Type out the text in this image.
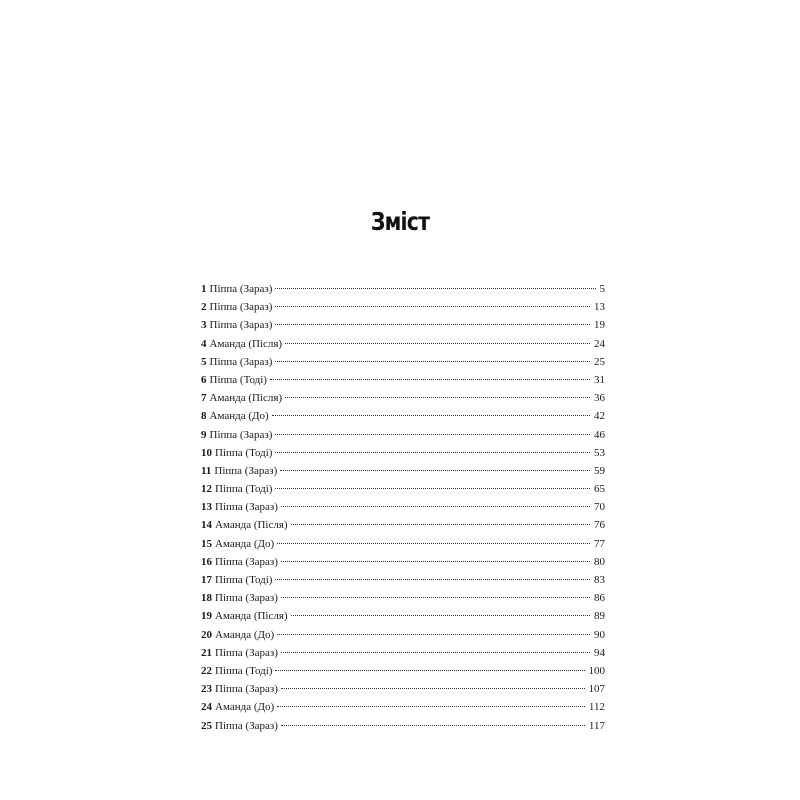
Зміст
1 Піппа (Зараз)	5
2 Піппа (Зараз)	13
3 Піппа (Зараз)	19
4 Аманда (Після)	24
5 Піппа (Зараз)	25
6 Піппа (Тоді)	31
7 Аманда (Після)	36
8 Аманда (До)	42
9 Піппа (Зараз)	46
10 Піппа (Тоді)	53
11 Піппа (Зараз)	59
12 Піппа (Тоді)	65
13 Піппа (Зараз)	70
14 Аманда (Після)	76
15 Аманда (До)	77
16 Піппа (Зараз)	80
17 Піппа (Тоді)	83
18 Піппа (Зараз)	86
19 Аманда (Після)	89
20 Аманда (До)	90
21 Піппа (Зараз)	94
22 Піппа (Тоді)	100
23 Піппа (Зараз)	107
24 Аманда (До)	112
25 Піппа (Зараз)	117
